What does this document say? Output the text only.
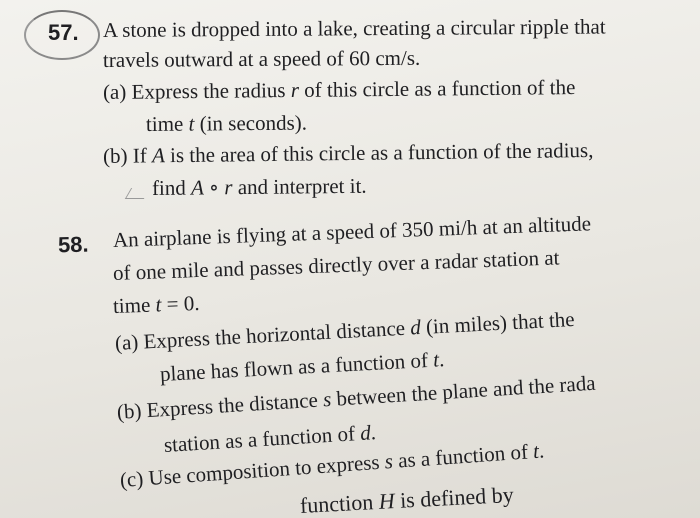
57. A stone is dropped into a lake, creating a circular ripple that
travels outward at a speed of 60 cm/s.
(a) Express the radius r of this circle as a function of the
time t (in seconds).
(b) If A is the area of this circle as a function of the radius,
find A ∘ r and interpret it.
58. An airplane is flying at a speed of 350 mi/h at an altitude
of one mile and passes directly over a radar station at
time t = 0.
(a) Express the horizontal distance d (in miles) that the
plane has flown as a function of t.
(b) Express the distance s between the plane and the rada
station as a function of d.
(c) Use composition to express s as a function of t.
function H is defined by
